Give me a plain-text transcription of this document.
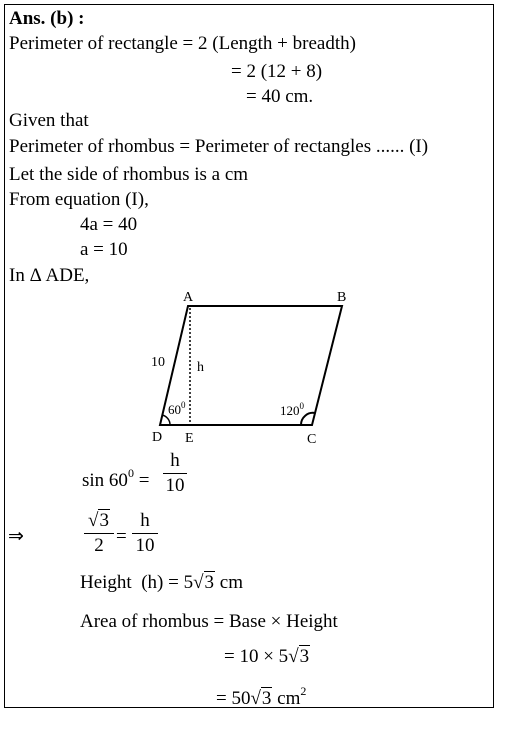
Ans. (b) :
Perimeter of rectangle = 2 (Length + breadth)
= 2 (12 + 8)
= 40 cm.
Given that
Perimeter of rhombus = Perimeter of rectangles ...... (I)
Let the side of rhombus is a cm
From equation (I),
4a = 40
a = 10
In Δ ADE,
A	B
C
D E
10 h
$60^0$	$120^0$
$\sin 60^0$ =
h
10
⇒
√3
2 =
h
10
Height (h) = 5√3 cm
Area of rhombus = Base × Height
= 10 × 5√3
= 50√3 $cm^2$
